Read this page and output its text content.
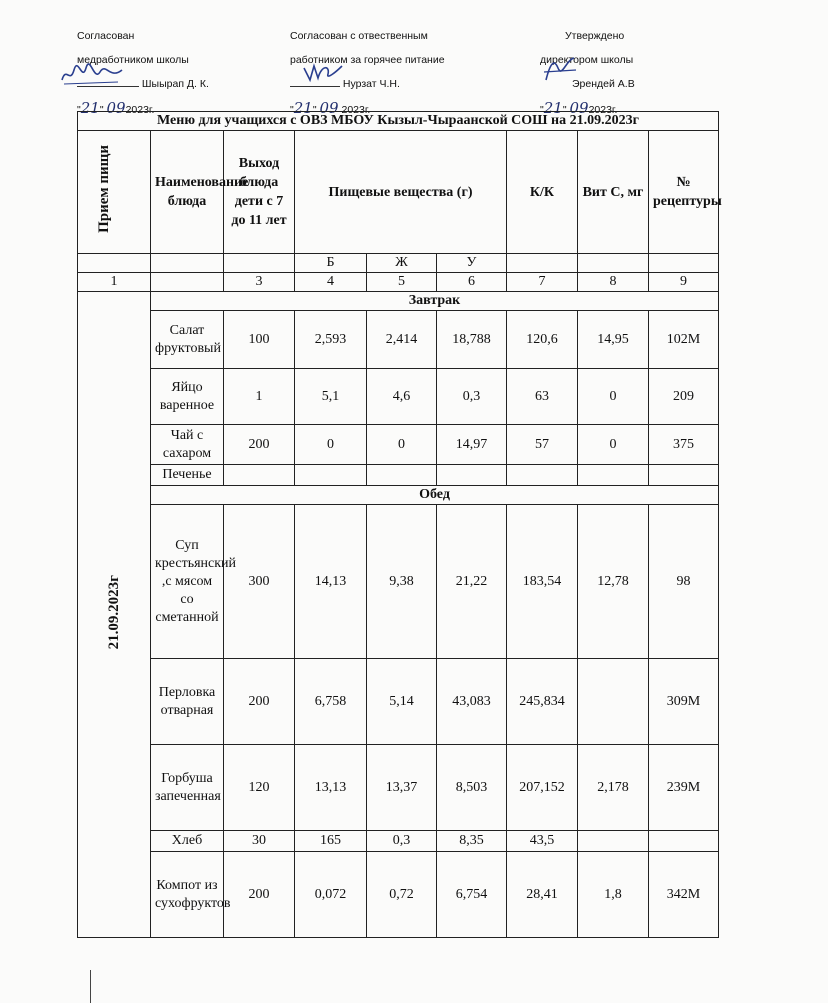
Согласован
медработником школы
Шыырап Д. К.
"21" 092023г.
Согласован с отвественным
работником за горячее питание
Нурзат Ч.Н.
"21" 09 2023г.
Утверждено
директором школы
Эрендей А.В
"21" 092023г.
Меню для учащихся с ОВЗ МБОУ Кызыл-Чыраанской СОШ на 21.09.2023г								
Прием пищи	Наименование блюда	Выход блюда дети с 7 до 11 лет	Пищевые вещества (г)			К/К	Вит С, мг	№ рецептуры
			Б	Ж	У			
1		3	4	5	6	7	8	9
21.09.2023г	Завтрак							
	Салат фруктовый	100	2,593	2,414	18,788	120,6	14,95	102М
	Яйцо варенное	1	5,1	4,6	0,3	63	0	209
	Чай с сахаром	200	0	0	14,97	57	0	375
	Печенье							
	Обед							
	Суп крестьянский ,с мясом со сметанной	300	14,13	9,38	21,22	183,54	12,78	98
	Перловка отварная	200	6,758	5,14	43,083	245,834		309М
	Горбуша запеченная	120	13,13	13,37	8,503	207,152	2,178	239М
	Хлеб	30	165	0,3	8,35	43,5		
	Компот из сухофруктов	200	0,072	0,72	6,754	28,41	1,8	342М
